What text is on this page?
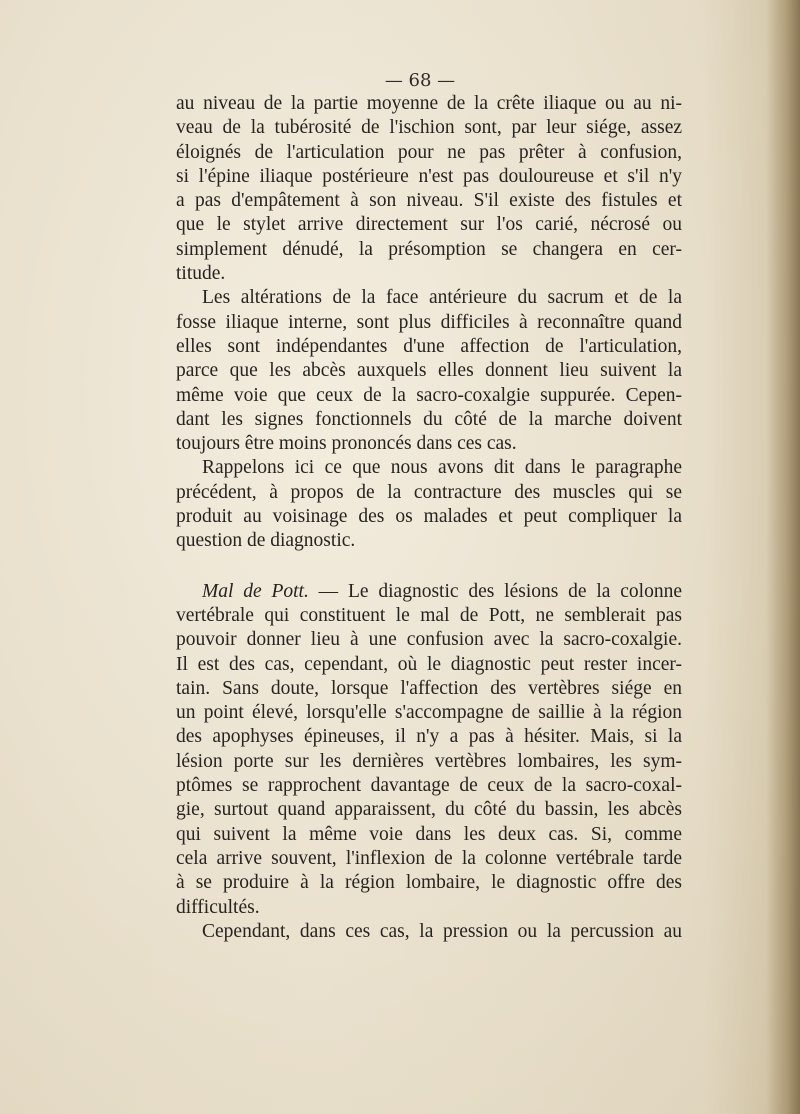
— 68 —
au niveau de la partie moyenne de la crête iliaque ou au ni-
veau de la tubérosité de l'ischion sont, par leur siége, assez
éloignés de l'articulation pour ne pas prêter à confusion,
si l'épine iliaque postérieure n'est pas douloureuse et s'il n'y
a pas d'empâtement à son niveau. S'il existe des fistules et
que le stylet arrive directement sur l'os carié, nécrosé ou
simplement dénudé, la présomption se changera en cer-
titude.
Les altérations de la face antérieure du sacrum et de la
fosse iliaque interne, sont plus difficiles à reconnaître quand
elles sont indépendantes d'une affection de l'articulation,
parce que les abcès auxquels elles donnent lieu suivent la
même voie que ceux de la sacro-coxalgie suppurée. Cepen-
dant les signes fonctionnels du côté de la marche doivent
toujours être moins prononcés dans ces cas.
Rappelons ici ce que nous avons dit dans le paragraphe
précédent, à propos de la contracture des muscles qui se
produit au voisinage des os malades et peut compliquer la
question de diagnostic.
Mal de Pott. — Le diagnostic des lésions de la colonne
vertébrale qui constituent le mal de Pott, ne semblerait pas
pouvoir donner lieu à une confusion avec la sacro-coxalgie.
Il est des cas, cependant, où le diagnostic peut rester incer-
tain. Sans doute, lorsque l'affection des vertèbres siége en
un point élevé, lorsqu'elle s'accompagne de saillie à la région
des apophyses épineuses, il n'y a pas à hésiter. Mais, si la
lésion porte sur les dernières vertèbres lombaires, les sym-
ptômes se rapprochent davantage de ceux de la sacro-coxal-
gie, surtout quand apparaissent, du côté du bassin, les abcès
qui suivent la même voie dans les deux cas. Si, comme
cela arrive souvent, l'inflexion de la colonne vertébrale tarde
à se produire à la région lombaire, le diagnostic offre des
difficultés.
Cependant, dans ces cas, la pression ou la percussion au
